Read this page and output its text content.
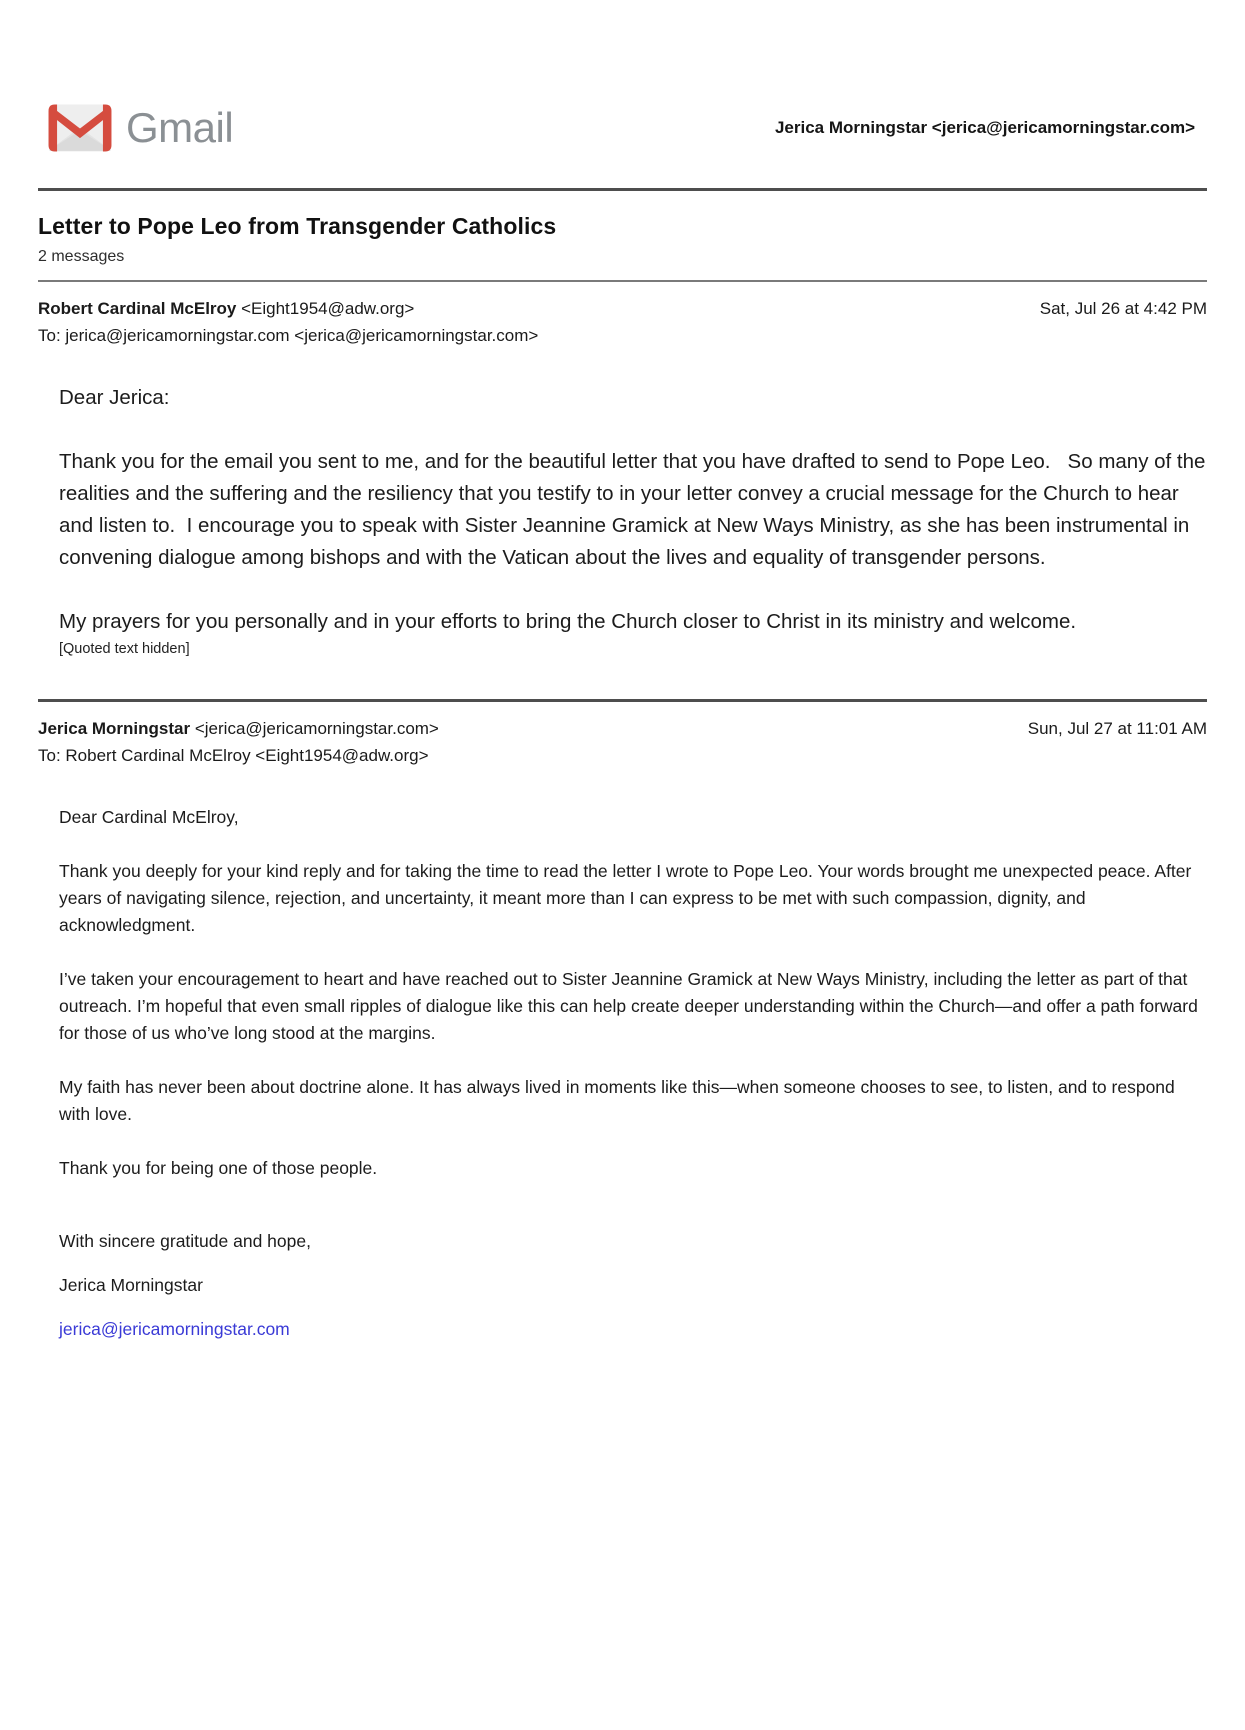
Gmail	Jerica Morningstar <jerica@jericamorningstar.com>
Letter to Pope Leo from Transgender Catholics
2 messages
Robert Cardinal McElroy <Eight1954@adw.org>	Sat, Jul 26 at 4:42 PM
To: jerica@jericamorningstar.com <jerica@jericamorningstar.com>

Dear Jerica:

Thank you for the email you sent to me, and for the beautiful letter that you have drafted to send to Pope Leo.   So many of the realities and the suffering and the resiliency that you testify to in your letter convey a crucial message for the Church to hear and listen to.  I encourage you to speak with Sister Jeannine Gramick at New Ways Ministry, as she has been instrumental in convening dialogue among bishops and with the Vatican about the lives and equality of transgender persons.

My prayers for you personally and in your efforts to bring the Church closer to Christ in its ministry and welcome.

[Quoted text hidden]
Jerica Morningstar <jerica@jericamorningstar.com>	Sun, Jul 27 at 11:01 AM
To: Robert Cardinal McElroy <Eight1954@adw.org>

Dear Cardinal McElroy,

Thank you deeply for your kind reply and for taking the time to read the letter I wrote to Pope Leo. Your words brought me unexpected peace. After years of navigating silence, rejection, and uncertainty, it meant more than I can express to be met with such compassion, dignity, and acknowledgment.

I’ve taken your encouragement to heart and have reached out to Sister Jeannine Gramick at New Ways Ministry, including the letter as part of that outreach. I’m hopeful that even small ripples of dialogue like this can help create deeper understanding within the Church—and offer a path forward for those of us who’ve long stood at the margins.

My faith has never been about doctrine alone. It has always lived in moments like this—when someone chooses to see, to listen, and to respond with love.

Thank you for being one of those people.

With sincere gratitude and hope,

Jerica Morningstar

jerica@jericamorningstar.com
